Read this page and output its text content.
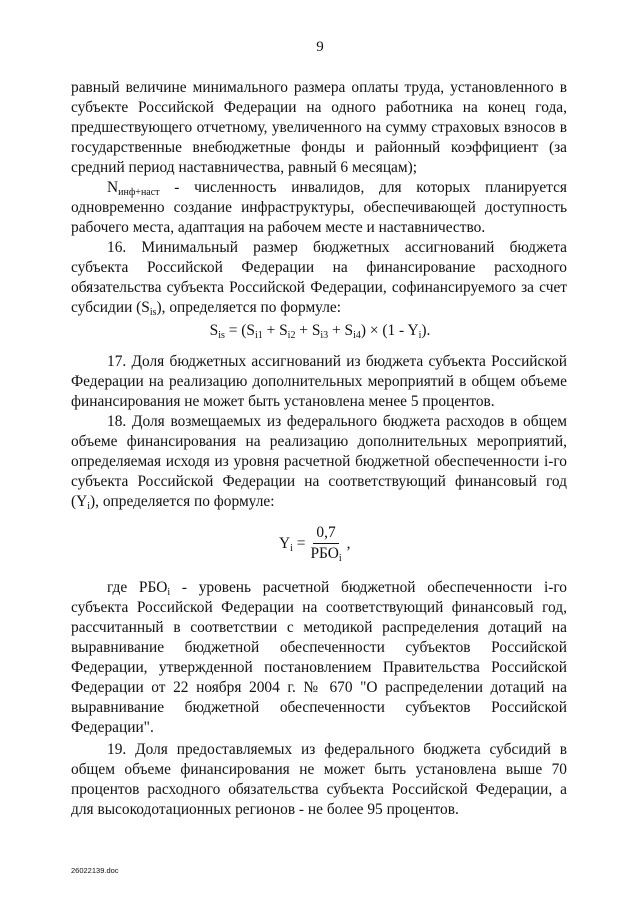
9

равный величине минимального размера оплаты труда, установленного в субъекте Российской Федерации на одного работника на конец года, предшествующего отчетному, увеличенного на сумму страховых взносов в государственные внебюджетные фонды и районный коэффициент (за средний период наставничества, равный 6 месяцам);

$N_{инф+наст}$ - численность инвалидов, для которых планируется одновременно создание инфраструктуры, обеспечивающей доступность рабочего места, адаптация на рабочем месте и наставничество.

16. Минимальный размер бюджетных ассигнований бюджета субъекта Российской Федерации на финансирование расходного обязательства субъекта Российской Федерации, софинансируемого за счет субсидии $(S_{is})$, определяется по формуле:

$S_{is} = (S_{i1} + S_{i2} + S_{i3} + S_{i4}) \times (1 - Y_i)$.

17. Доля бюджетных ассигнований из бюджета субъекта Российской Федерации на реализацию дополнительных мероприятий в общем объеме финансирования не может быть установлена менее 5 процентов.

18. Доля возмещаемых из федерального бюджета расходов в общем объеме финансирования на реализацию дополнительных мероприятий, определяемая исходя из уровня расчетной бюджетной обеспеченности i-го субъекта Российской Федерации на соответствующий финансовый год $(Y_i)$, определяется по формуле:

$Y_i = \frac{0,7}{РБО_i}$ ,

где $РБО_i$ - уровень расчетной бюджетной обеспеченности i-го субъекта Российской Федерации на соответствующий финансовый год, рассчитанный в соответствии с методикой распределения дотаций на выравнивание бюджетной обеспеченности субъектов Российской Федерации, утвержденной постановлением Правительства Российской Федерации от 22 ноября 2004 г. № 670 "О распределении дотаций на выравнивание бюджетной обеспеченности субъектов Российской Федерации".

19. Доля предоставляемых из федерального бюджета субсидий в общем объеме финансирования не может быть установлена выше 70 процентов расходного обязательства субъекта Российской Федерации, а для высокодотационных регионов - не более 95 процентов.

26022139.doc
